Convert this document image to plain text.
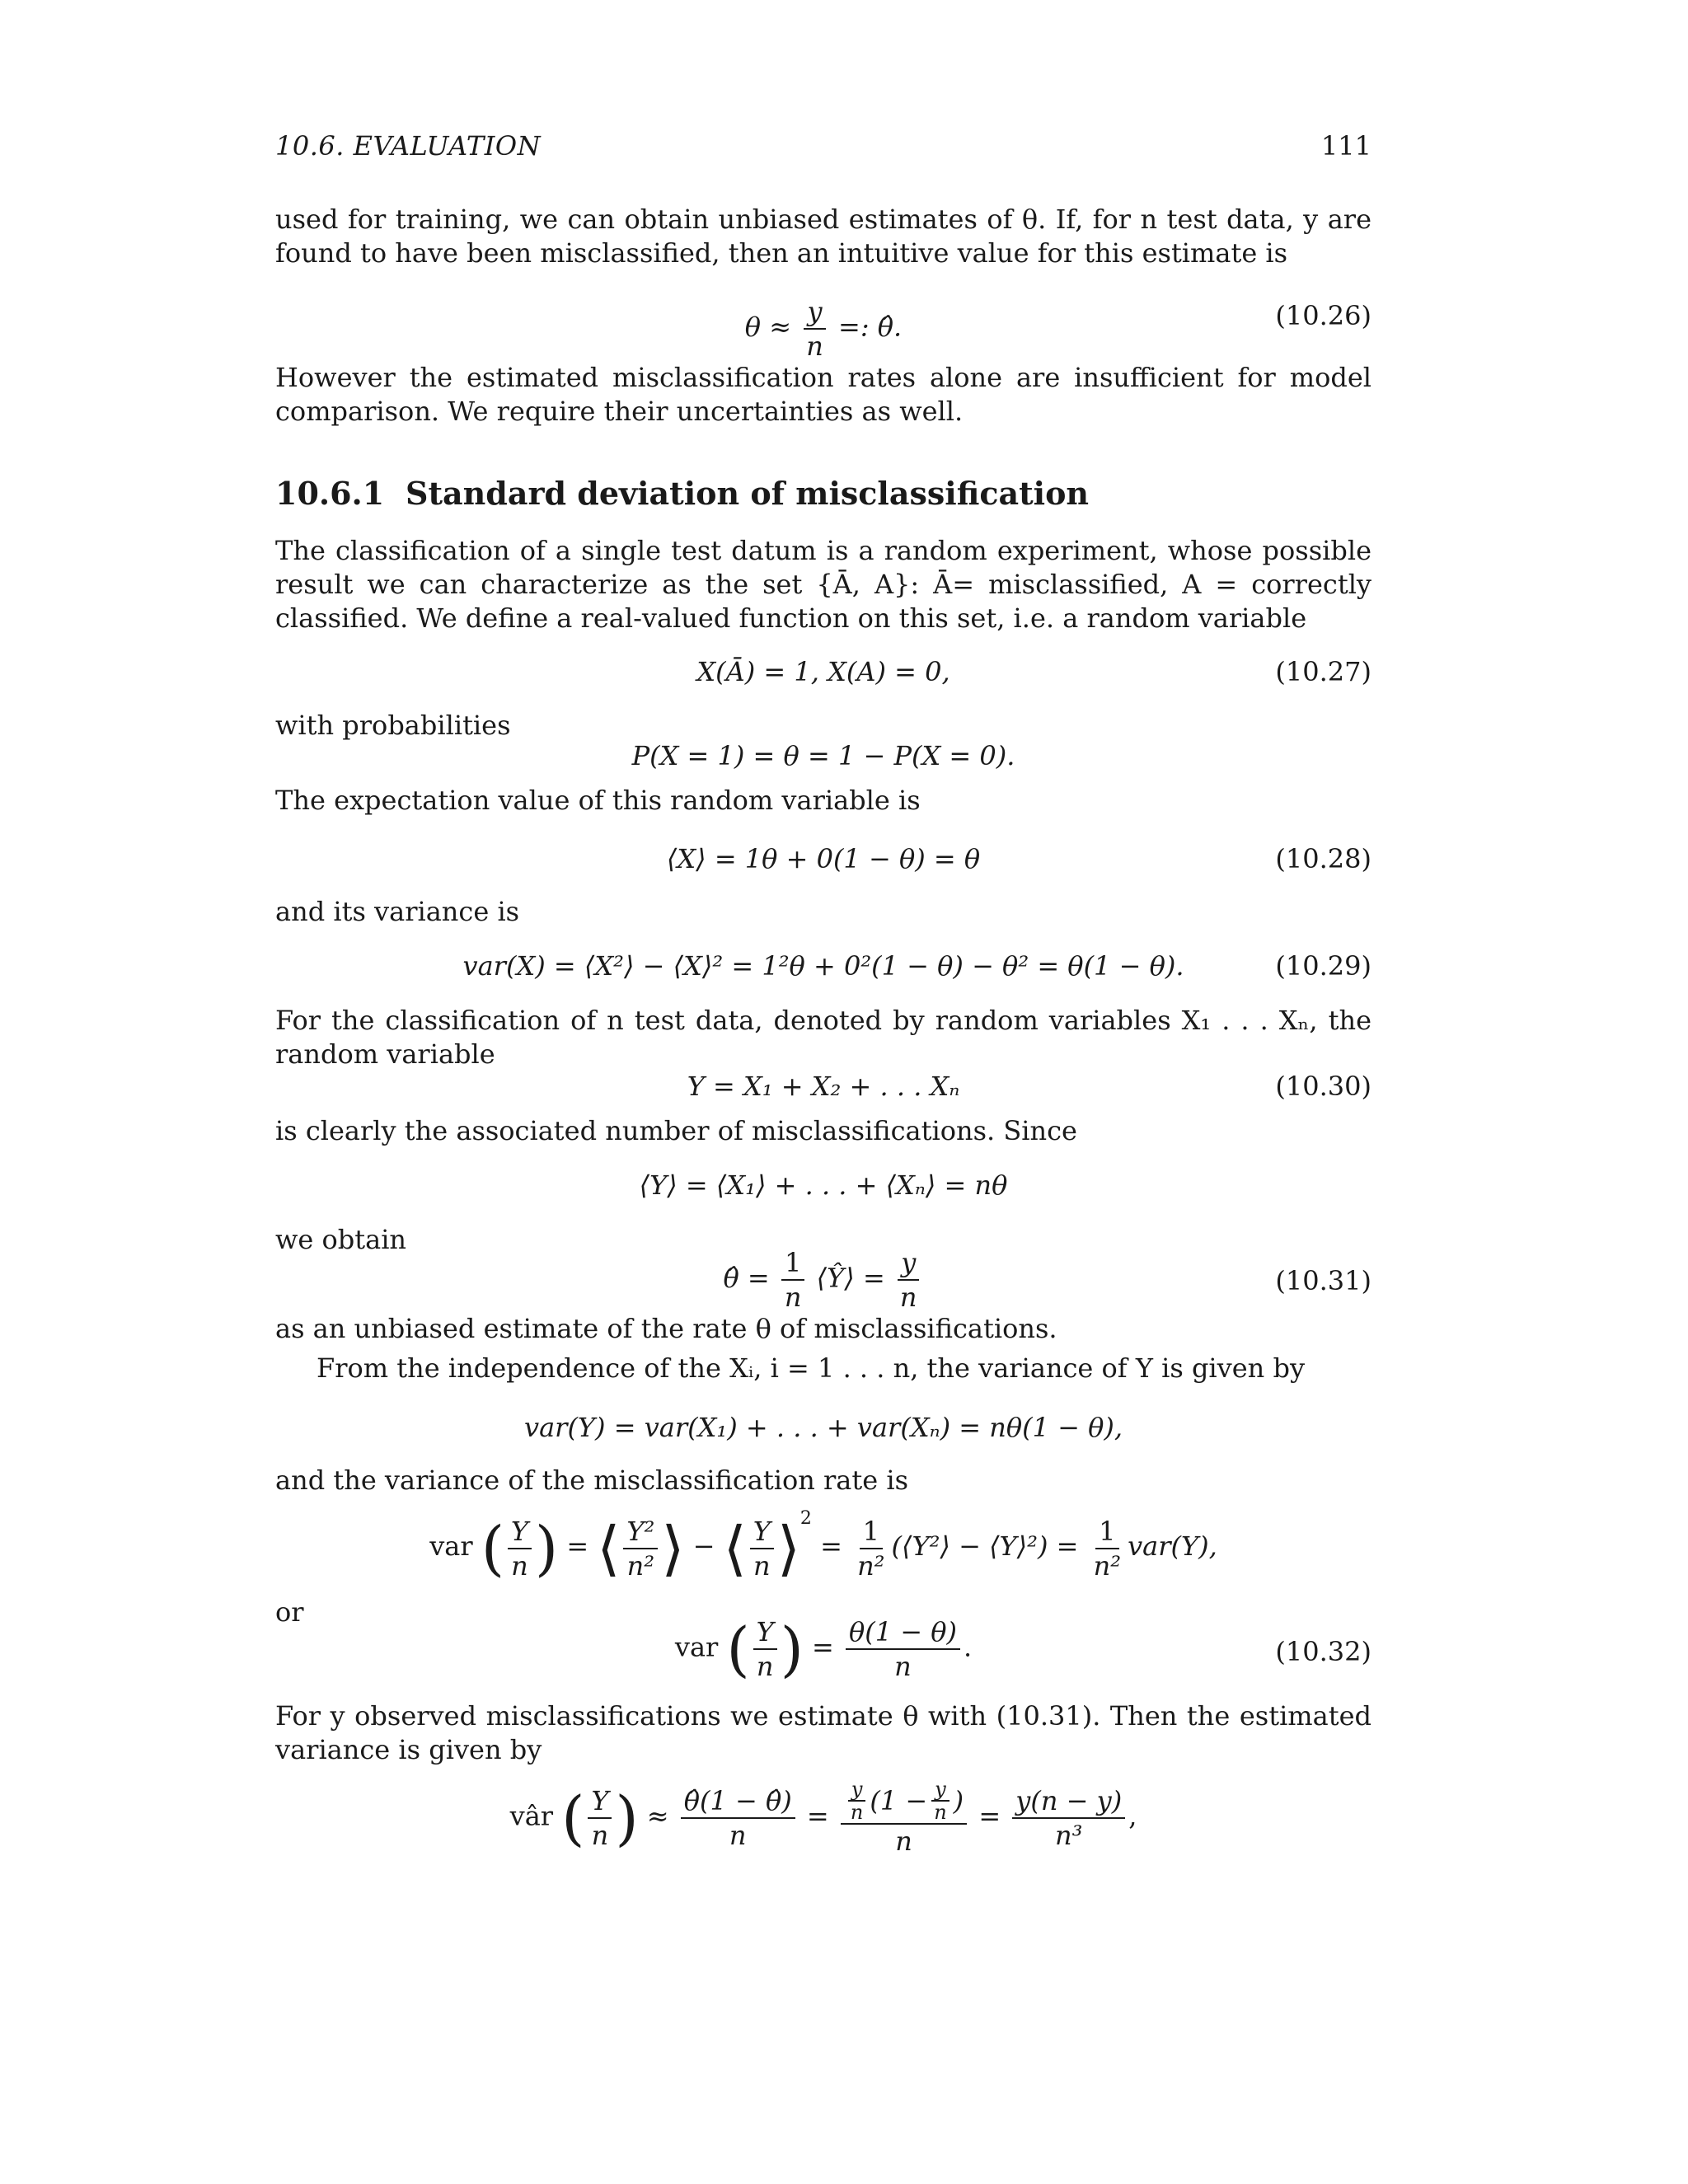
10.6. EVALUATION	111
used for training, we can obtain unbiased estimates of θ. If, for n test data, y are found to have been misclassified, then an intuitive value for this estimate is
$\theta \approx \frac{y}{n}$ =: θ̂.	(10.26)
However the estimated misclassification rates alone are insufficient for model comparison. We require their uncertainties as well.
10.6.1 Standard deviation of misclassification
The classification of a single test datum is a random experiment, whose possible result we can characterize as the set {Ā, A}: Ā= misclassified, A = correctly classified. We define a real-valued function on this set, i.e. a random variable
X(Ā) = 1, X(A) = 0,	(10.27)
with probabilities
P(X = 1) = θ = 1 − P(X = 0).
The expectation value of this random variable is
⟨X⟩ = 1θ + 0(1 − θ) = θ	(10.28)
and its variance is
var(X) = ⟨X²⟩ − ⟨X⟩² = 1²θ + 0²(1 − θ) − θ² = θ(1 − θ).	(10.29)
For the classification of n test data, denoted by random variables X₁ . . . Xₙ, the random variable
Y = X₁ + X₂ + . . . Xₙ	(10.30)
is clearly the associated number of misclassifications. Since
⟨Y⟩ = ⟨X₁⟩ + . . . + ⟨Xₙ⟩ = nθ
we obtain
θ̂ = $\frac{1}{n}$ ⟨Ŷ⟩ = $\frac{y}{n}$	(10.31)
as an unbiased estimate of the rate θ of misclassifications.
From the independence of the Xᵢ, i = 1 . . . n, the variance of Y is given by
var(Y) = var(X₁) + . . . + var(Xₙ) = nθ(1 − θ),
and the variance of the misclassification rate is
var ( $\frac{Y}{n}$ ) = ⟨ $\frac{\text{Y²}}{\text{n²}}$ ⟩ − ⟨ $\frac{Y}{n}$ ⟩$^2$ = $\frac{1}{\text{n²}}$ (⟨Y²⟩ − ⟨Y⟩²) = $\frac{1}{\text{n²}} var(Y)$,
or
var ( $\frac{Y}{n}$ ) = $\frac{\theta(1 - \theta)}{n}$ .	(10.32)
For y observed misclassifications we estimate θ with (10.31). Then the estimated variance is given by
vâr ( $\frac{Y}{n}$ ) ≈ $\frac{\thetâ(1 - \thetâ)}{n} = \frac{\frac{y}{n} (1 - \frac{y}{n} )}{n} = \frac{y(n - y)}{\text{n³}}$ ,
